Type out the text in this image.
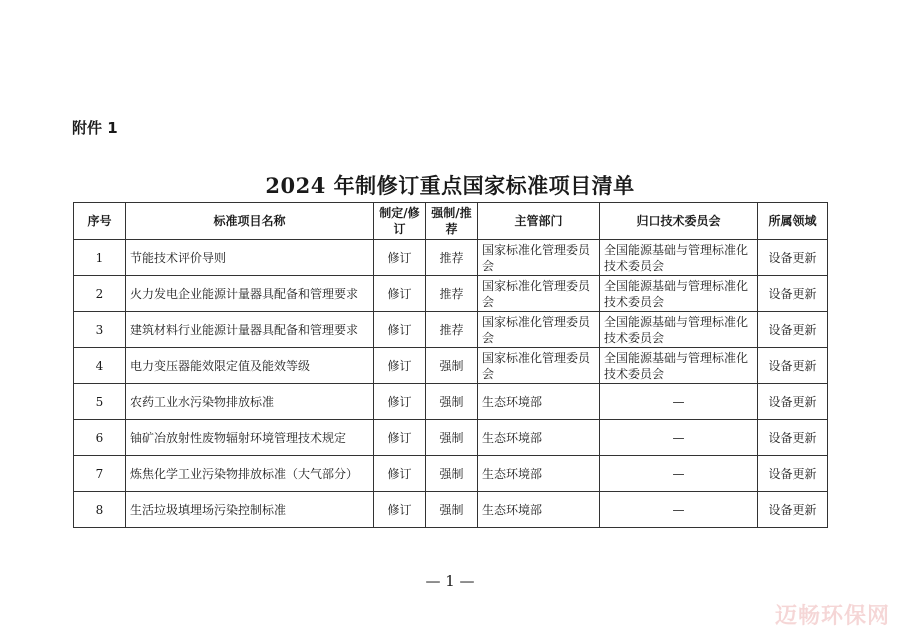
附件 1
2024 年制修订重点国家标准项目清单
序号	标准项目名称	制定/修订	强制/推荐	主管部门	归口技术委员会	所属领域
1	节能技术评价导则	修订	推荐	国家标准化管理委员会	全国能源基础与管理标准化技术委员会	设备更新
2	火力发电企业能源计量器具配备和管理要求	修订	推荐	国家标准化管理委员会	全国能源基础与管理标准化技术委员会	设备更新
3	建筑材料行业能源计量器具配备和管理要求	修订	推荐	国家标准化管理委员会	全国能源基础与管理标准化技术委员会	设备更新
4	电力变压器能效限定值及能效等级	修订	强制	国家标准化管理委员会	全国能源基础与管理标准化技术委员会	设备更新
5	农药工业水污染物排放标准	修订	强制	生态环境部	—	设备更新
6	铀矿冶放射性废物辐射环境管理技术规定	修订	强制	生态环境部	—	设备更新
7	炼焦化学工业污染物排放标准（大气部分）	修订	强制	生态环境部	—	设备更新
8	生活垃圾填埋场污染控制标准	修订	强制	生态环境部	—	设备更新
— 1 —
迈畅环保网
